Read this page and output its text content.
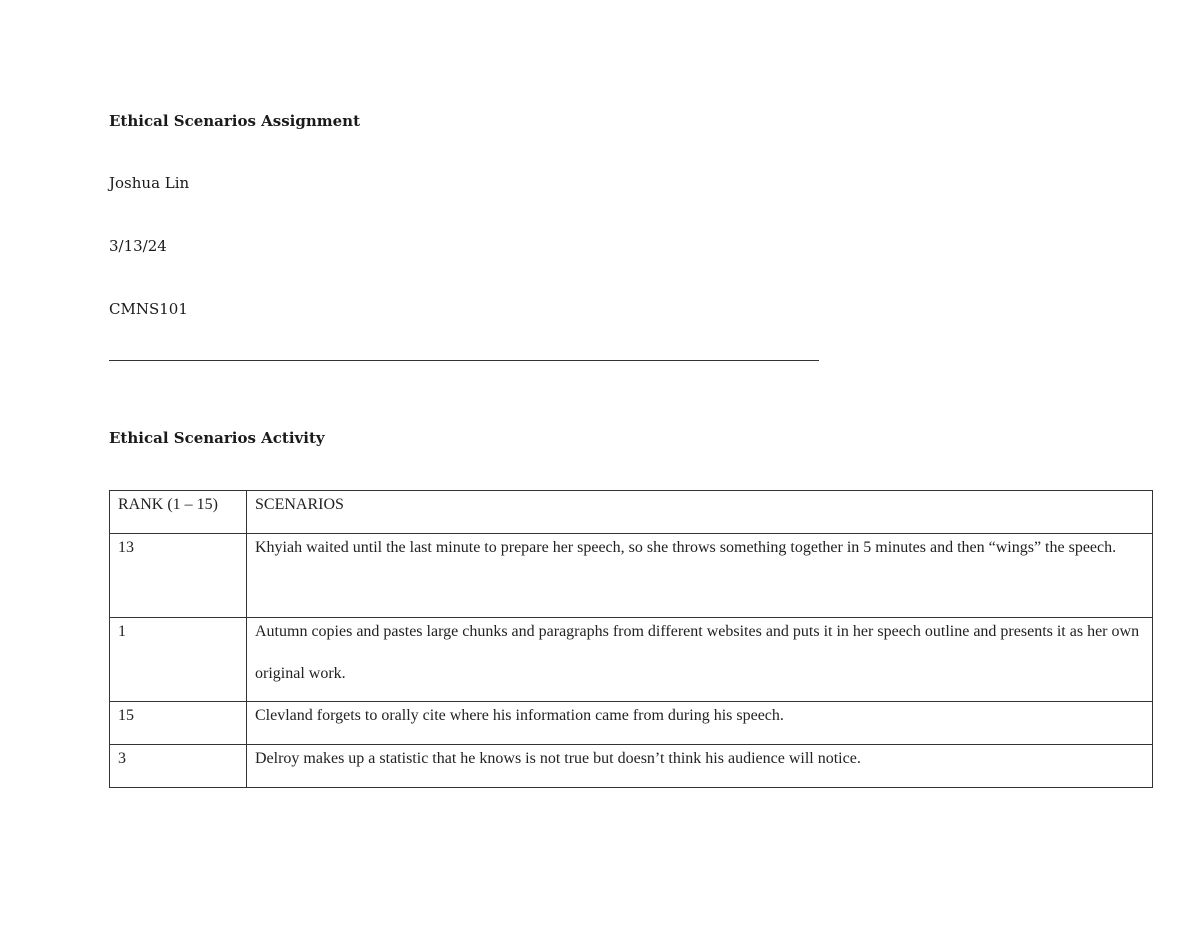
Ethical Scenarios Assignment
Joshua Lin
3/13/24
CMNS101
Ethical Scenarios Activity
RANK (1 – 15)	SCENARIOS

13	Khyiah waited until the last minute to prepare her speech, so she throws something together in 5 minutes and then “wings” the speech.

1	Autumn copies and pastes large chunks and paragraphs from different websites and puts it in her speech outline and presents it as her own original work.

15	Clevland forgets to orally cite where his information came from during his speech.

3	Delroy makes up a statistic that he knows is not true but doesn’t think his audience will notice.
